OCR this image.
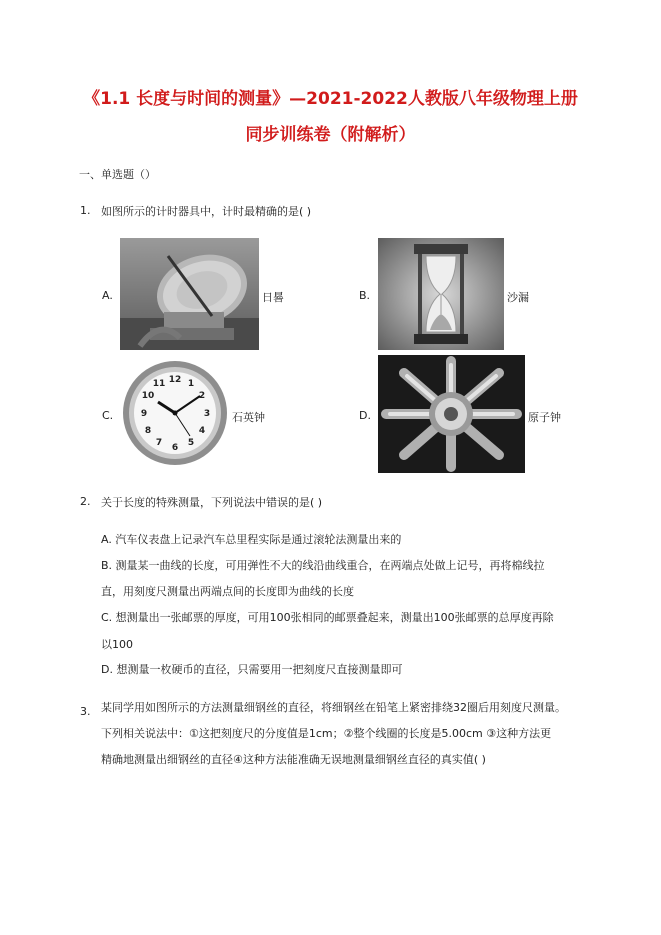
《1.1 长度与时间的测量》—2021-2022人教版八年级物理上册
同步训练卷（附解析）
一、单选题（）
1. 如图所示的计时器具中，计时最精确的是( )
A.	日晷	B.	沙漏
C.
12 1
2
3
4
5
6
7
8
9
10
11
石英钟	D.	原子钟
2. 关于长度的特殊测量，下列说法中错误的是( )
A. 汽车仪表盘上记录汽车总里程实际是通过滚轮法测量出来的
B. 测量某一曲线的长度，可用弹性不大的线沿曲线重合，在两端点处做上记号，再将棉线拉
直，用刻度尺测量出两端点间的长度即为曲线的长度
C. 想测量出一张邮票的厚度，可用100张相同的邮票叠起来，测量出100张邮票的总厚度再除
以100
D. 想测量一枚硬币的直径，只需要用一把刻度尺直接测量即可
3. 某同学用如图所示的方法测量细钢丝的直径，将细钢丝在铅笔上紧密排绕32圈后用刻度尺测量。
下列相关说法中：①这把刻度尺的分度值是1cm；②整个线圈的长度是5.00cm ③这种方法更
精确地测量出细钢丝的直径④这种方法能准确无误地测量细钢丝直径的真实值( )
